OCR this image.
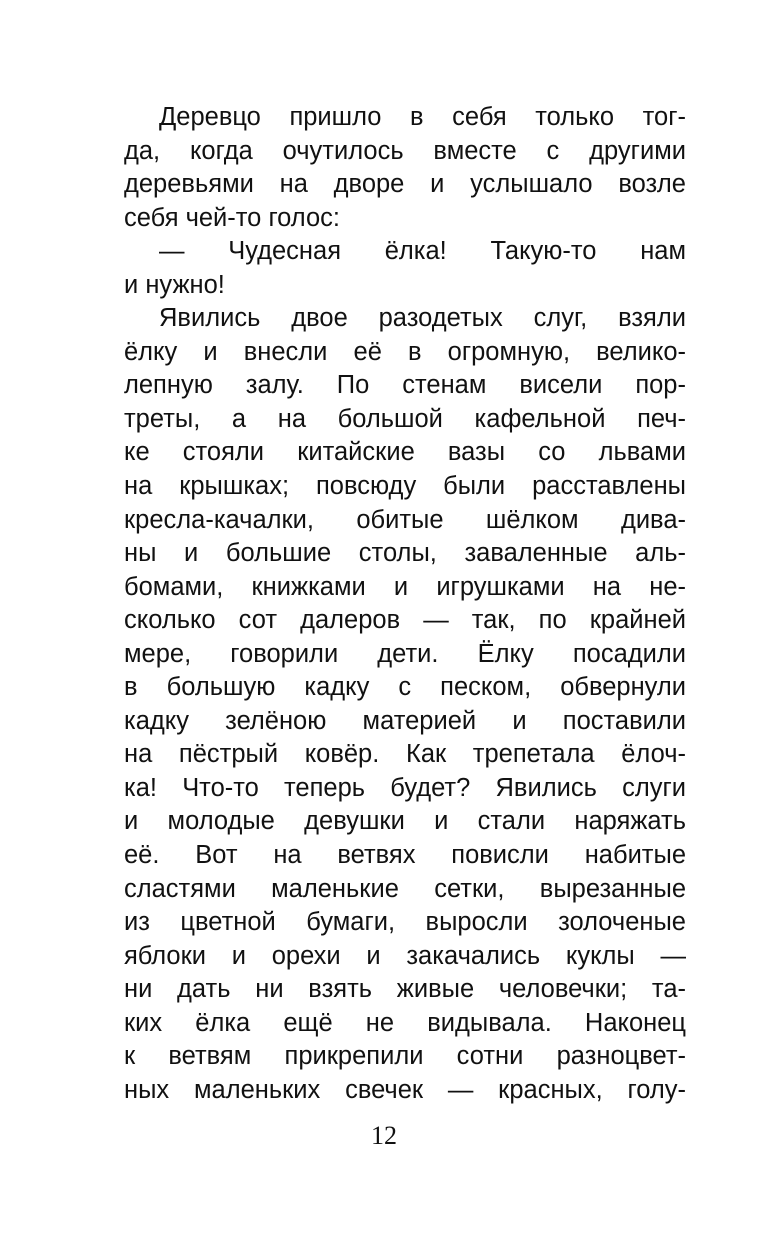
Деревцо пришло в себя только тог-
да, когда очутилось вместе с другими
деревьями на дворе и услышало возле
себя чей-то голос:
— Чудесная ёлка! Такую-то нам
и нужно!
Явились двое разодетых слуг, взяли
ёлку и внесли её в огромную, велико-
лепную залу. По стенам висели пор-
треты, а на большой кафельной печ-
ке стояли китайские вазы со львами
на крышках; повсюду были расставлены
кресла-качалки, обитые шёлком дива-
ны и большие столы, заваленные аль-
бомами, книжками и игрушками на не-
сколько сот далеров — так, по крайней
мере, говорили дети. Ёлку посадили
в большую кадку с песком, обвернули
кадку зелёною материей и поставили
на пёстрый ковёр. Как трепетала ёлоч-
ка! Что-то теперь будет? Явились слуги
и молодые девушки и стали наряжать
её. Вот на ветвях повисли набитые
сластями маленькие сетки, вырезанные
из цветной бумаги, выросли золоченые
яблоки и орехи и закачались куклы —
ни дать ни взять живые человечки; та-
ких ёлка ещё не видывала. Наконец
к ветвям прикрепили сотни разноцвет-
ных маленьких свечек — красных, голу-
12
